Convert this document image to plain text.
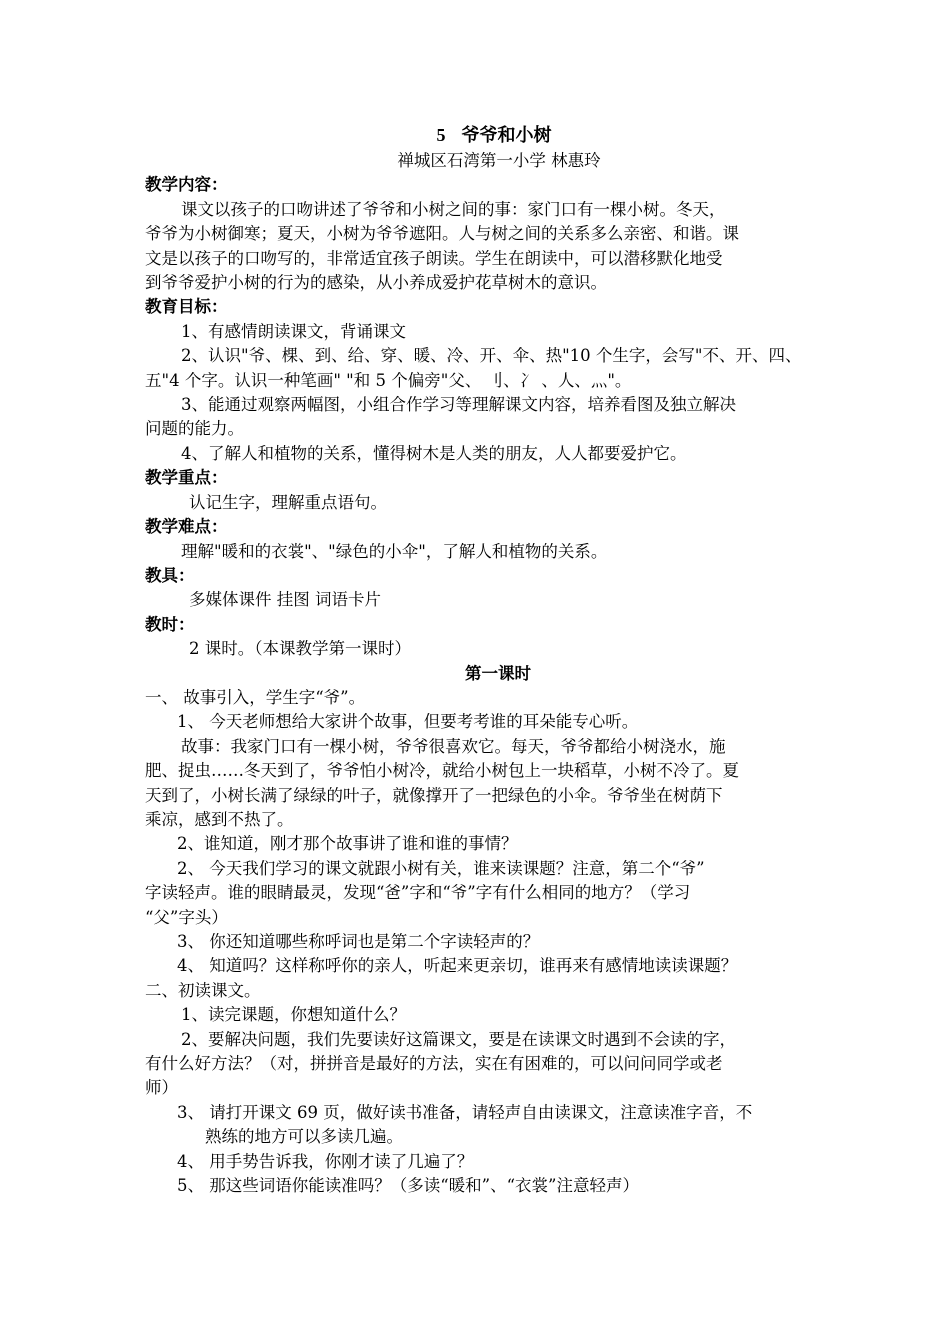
5 爷爷和小树
禅城区石湾第一小学 林惠玲
教学内容：
课文以孩子的口吻讲述了爷爷和小树之间的事：家门口有一棵小树。冬天，
爷爷为小树御寒；夏天，小树为爷爷遮阳。人与树之间的关系多么亲密、和谐。课
文是以孩子的口吻写的，非常适宜孩子朗读。学生在朗读中，可以潜移默化地受
到爷爷爱护小树的行为的感染，从小养成爱护花草树木的意识。
教育目标：
1、有感情朗读课文，背诵课文
2、认识"爷、棵、到、给、穿、暖、冷、开、伞、热"10 个生字，会写"不、开、四、
五"4 个字。认识一种笔画" "和 5 个偏旁"父、 刂、冫 、人、灬"。
3、能通过观察两幅图，小组合作学习等理解课文内容，培养看图及独立解决
问题的能力。
4、了解人和植物的关系，懂得树木是人类的朋友，人人都要爱护它。
教学重点：
认记生字，理解重点语句。
教学难点：
理解"暖和的衣裳"、"绿色的小伞"，了解人和植物的关系。
教具：
多媒体课件 挂图 词语卡片
教时：
2 课时。（本课教学第一课时）
第一课时
一、 故事引入，学生字“爷”。
1、 今天老师想给大家讲个故事，但要考考谁的耳朵能专心听。
故事：我家门口有一棵小树，爷爷很喜欢它。每天，爷爷都给小树浇水，施
肥、捉虫……冬天到了，爷爷怕小树冷，就给小树包上一块稻草，小树不冷了。夏
天到了，小树长满了绿绿的叶子，就像撑开了一把绿色的小伞。爷爷坐在树荫下
乘凉，感到不热了。
2、谁知道，刚才那个故事讲了谁和谁的事情？
2、 今天我们学习的课文就跟小树有关，谁来读课题？注意，第二个“爷”
字读轻声。谁的眼睛最灵，发现“爸”字和“爷”字有什么相同的地方？（学习
“父”字头）
3、 你还知道哪些称呼词也是第二个字读轻声的？
4、 知道吗？这样称呼你的亲人，听起来更亲切，谁再来有感情地读读课题？
二、初读课文。
1、读完课题，你想知道什么？
2、要解决问题，我们先要读好这篇课文，要是在读课文时遇到不会读的字，
有什么好方法？（对，拼拼音是最好的方法，实在有困难的，可以问问同学或老
师）
3、 请打开课文 69 页，做好读书准备，请轻声自由读课文，注意读准字音，不
熟练的地方可以多读几遍。
4、 用手势告诉我，你刚才读了几遍了？
5、 那这些词语你能读准吗？（多读“暖和”、“衣裳”注意轻声）
